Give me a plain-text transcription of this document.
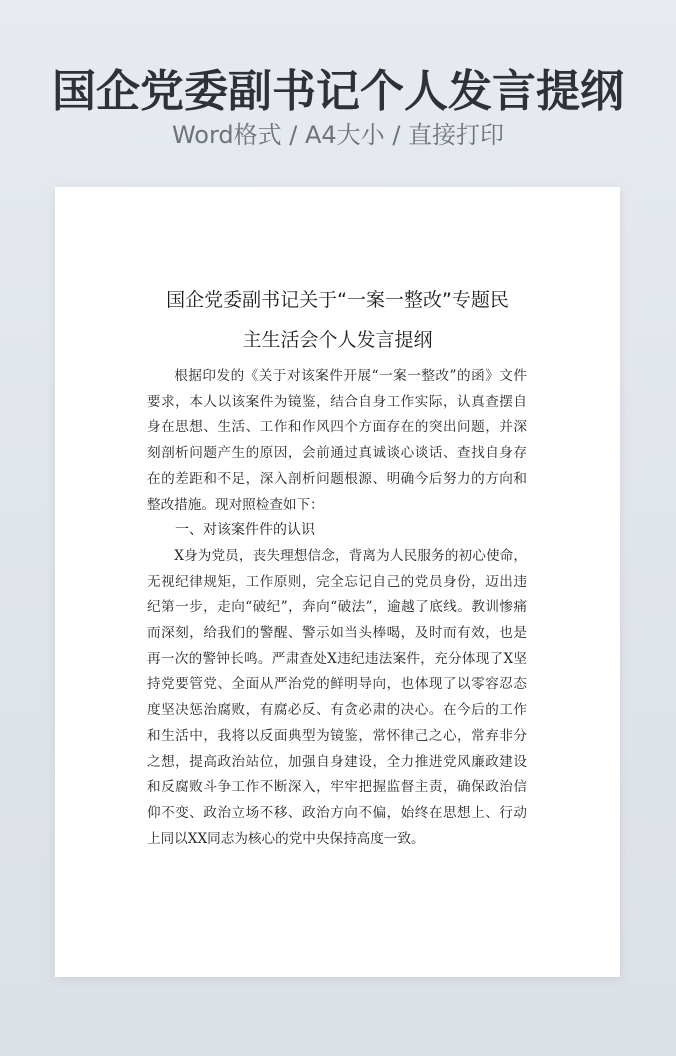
国企党委副书记个人发言提纲
Word格式 / A4大小 / 直接打印
国企党委副书记关于“一案一整改”专题民
主生活会个人发言提纲

根据印发的《关于对该案件开展“一案一整改”的函》文件要求，本人以该案件为镜鉴，结合自身工作实际，认真查摆自身在思想、生活、工作和作风四个方面存在的突出问题，并深刻剖析问题产生的原因，会前通过真诚谈心谈话、查找自身存在的差距和不足，深入剖析问题根源、明确今后努力的方向和整改措施。现对照检查如下：

一、对该案件件的认识

X身为党员，丧失理想信念，背离为人民服务的初心使命，无视纪律规矩，工作原则，完全忘记自己的党员身份，迈出违纪第一步，走向“破纪”，奔向“破法”，逾越了底线。教训惨痛而深刻，给我们的警醒、警示如当头棒喝，及时而有效，也是再一次的警钟长鸣。严肃查处X违纪违法案件，充分体现了X坚持党要管党、全面从严治党的鲜明导向，也体现了以零容忍态度坚决惩治腐败，有腐必反、有贪必肃的决心。在今后的工作和生活中，我将以反面典型为镜鉴，常怀律己之心，常弃非分之想，提高政治站位，加强自身建设，全力推进党风廉政建设和反腐败斗争工作不断深入，牢牢把握监督主责，确保政治信仰不变、政治立场不移、政治方向不偏，始终在思想上、行动上同以XX同志为核心的党中央保持高度一致。
